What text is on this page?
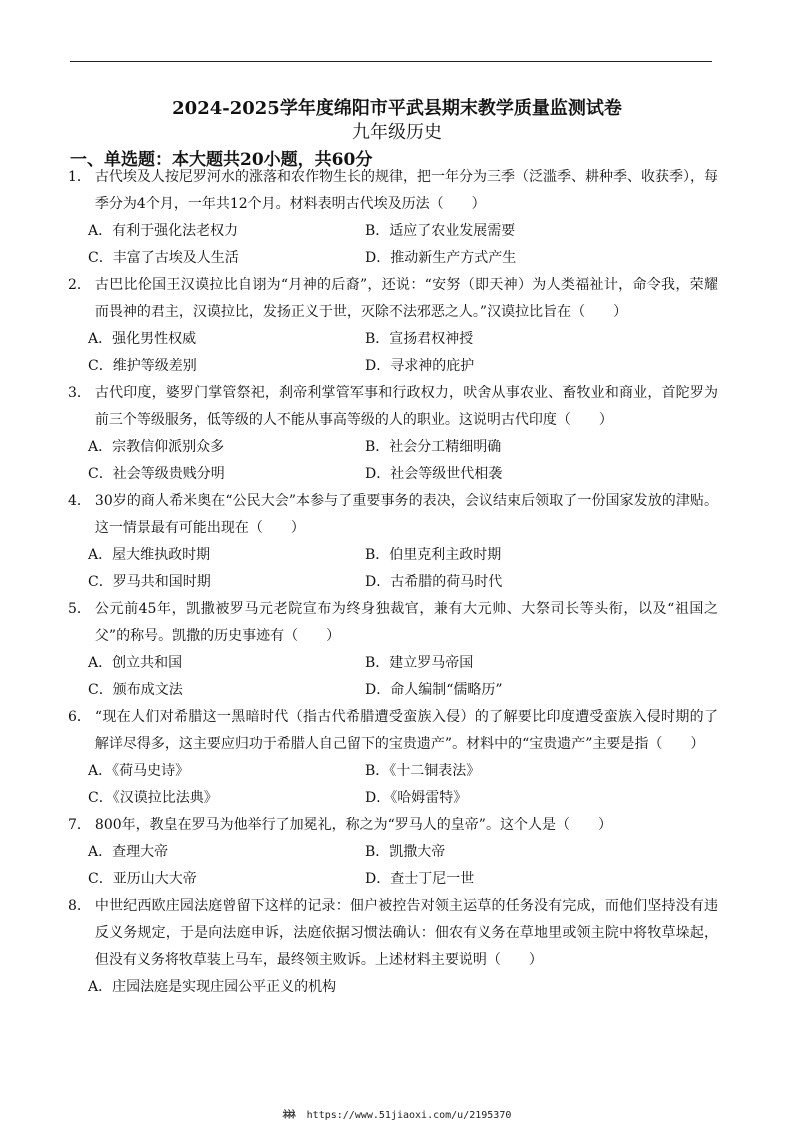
2024-2025学年度绵阳市平武县期末教学质量监测试卷
九年级历史
一、单选题：本大题共20小题，共60分
1． 古代埃及人按尼罗河水的涨落和农作物生长的规律，把一年分为三季（泛滥季、耕种季、收获季），每季分为4个月，一年共12个月。材料表明古代埃及历法（　　）
A．有利于强化法老权力	B．适应了农业发展需要
C．丰富了古埃及人生活	D．推动新生产方式产生
2． 古巴比伦国王汉谟拉比自诩为“月神的后裔”，还说：“安努（即天神）为人类福祉计，命令我，荣耀而畏神的君主，汉谟拉比，发扬正义于世，灭除不法邪恶之人。”汉谟拉比旨在（　　）
A．强化男性权威	B．宣扬君权神授
C．维护等级差别	D．寻求神的庇护
3． 古代印度，婆罗门掌管祭祀，刹帝利掌管军事和行政权力，吠舍从事农业、畜牧业和商业，首陀罗为前三个等级服务，低等级的人不能从事高等级的人的职业。这说明古代印度（　　）
A．宗教信仰派别众多	B．社会分工精细明确
C．社会等级贵贱分明	D．社会等级世代相袭
4． 30岁的商人希米奥在“公民大会”本参与了重要事务的表决，会议结束后领取了一份国家发放的津贴。这一情景最有可能出现在（　　）
A．屋大维执政时期	B．伯里克利主政时期
C．罗马共和国时期	D．古希腊的荷马时代
5． 公元前45年，凯撒被罗马元老院宣布为终身独裁官，兼有大元帅、大祭司长等头衔，以及“祖国之父”的称号。凯撒的历史事迹有（　　）
A．创立共和国	B．建立罗马帝国
C．颁布成文法	D．命人编制“儒略历”
6． “现在人们对希腊这一黑暗时代（指古代希腊遭受蛮族入侵）的了解要比印度遭受蛮族入侵时期的了解详尽得多，这主要应归功于希腊人自己留下的宝贵遗产”。材料中的“宝贵遗产”主要是指（　　）
A．《荷马史诗》	B．《十二铜表法》
C．《汉谟拉比法典》	D．《哈姆雷特》
7． 800年，教皇在罗马为他举行了加冕礼，称之为“罗马人的皇帝”。这个人是（　　）
A．查理大帝	B．凯撒大帝
C．亚历山大大帝	D．查士丁尼一世
8． 中世纪西欧庄园法庭曾留下这样的记录：佃户被控告对领主运草的任务没有完成，而他们坚持没有违反义务规定，于是向法庭申诉，法庭依据习惯法确认：佃农有义务在草地里或领主院中将牧草垛起，但没有义务将牧草装上马车，最终领主败诉。上述材料主要说明（　　）
A．庄园法庭是实现庄园公平正义的机构
ﾈﾈﾈ https://www.51jiaoxi.com/u/2195370
